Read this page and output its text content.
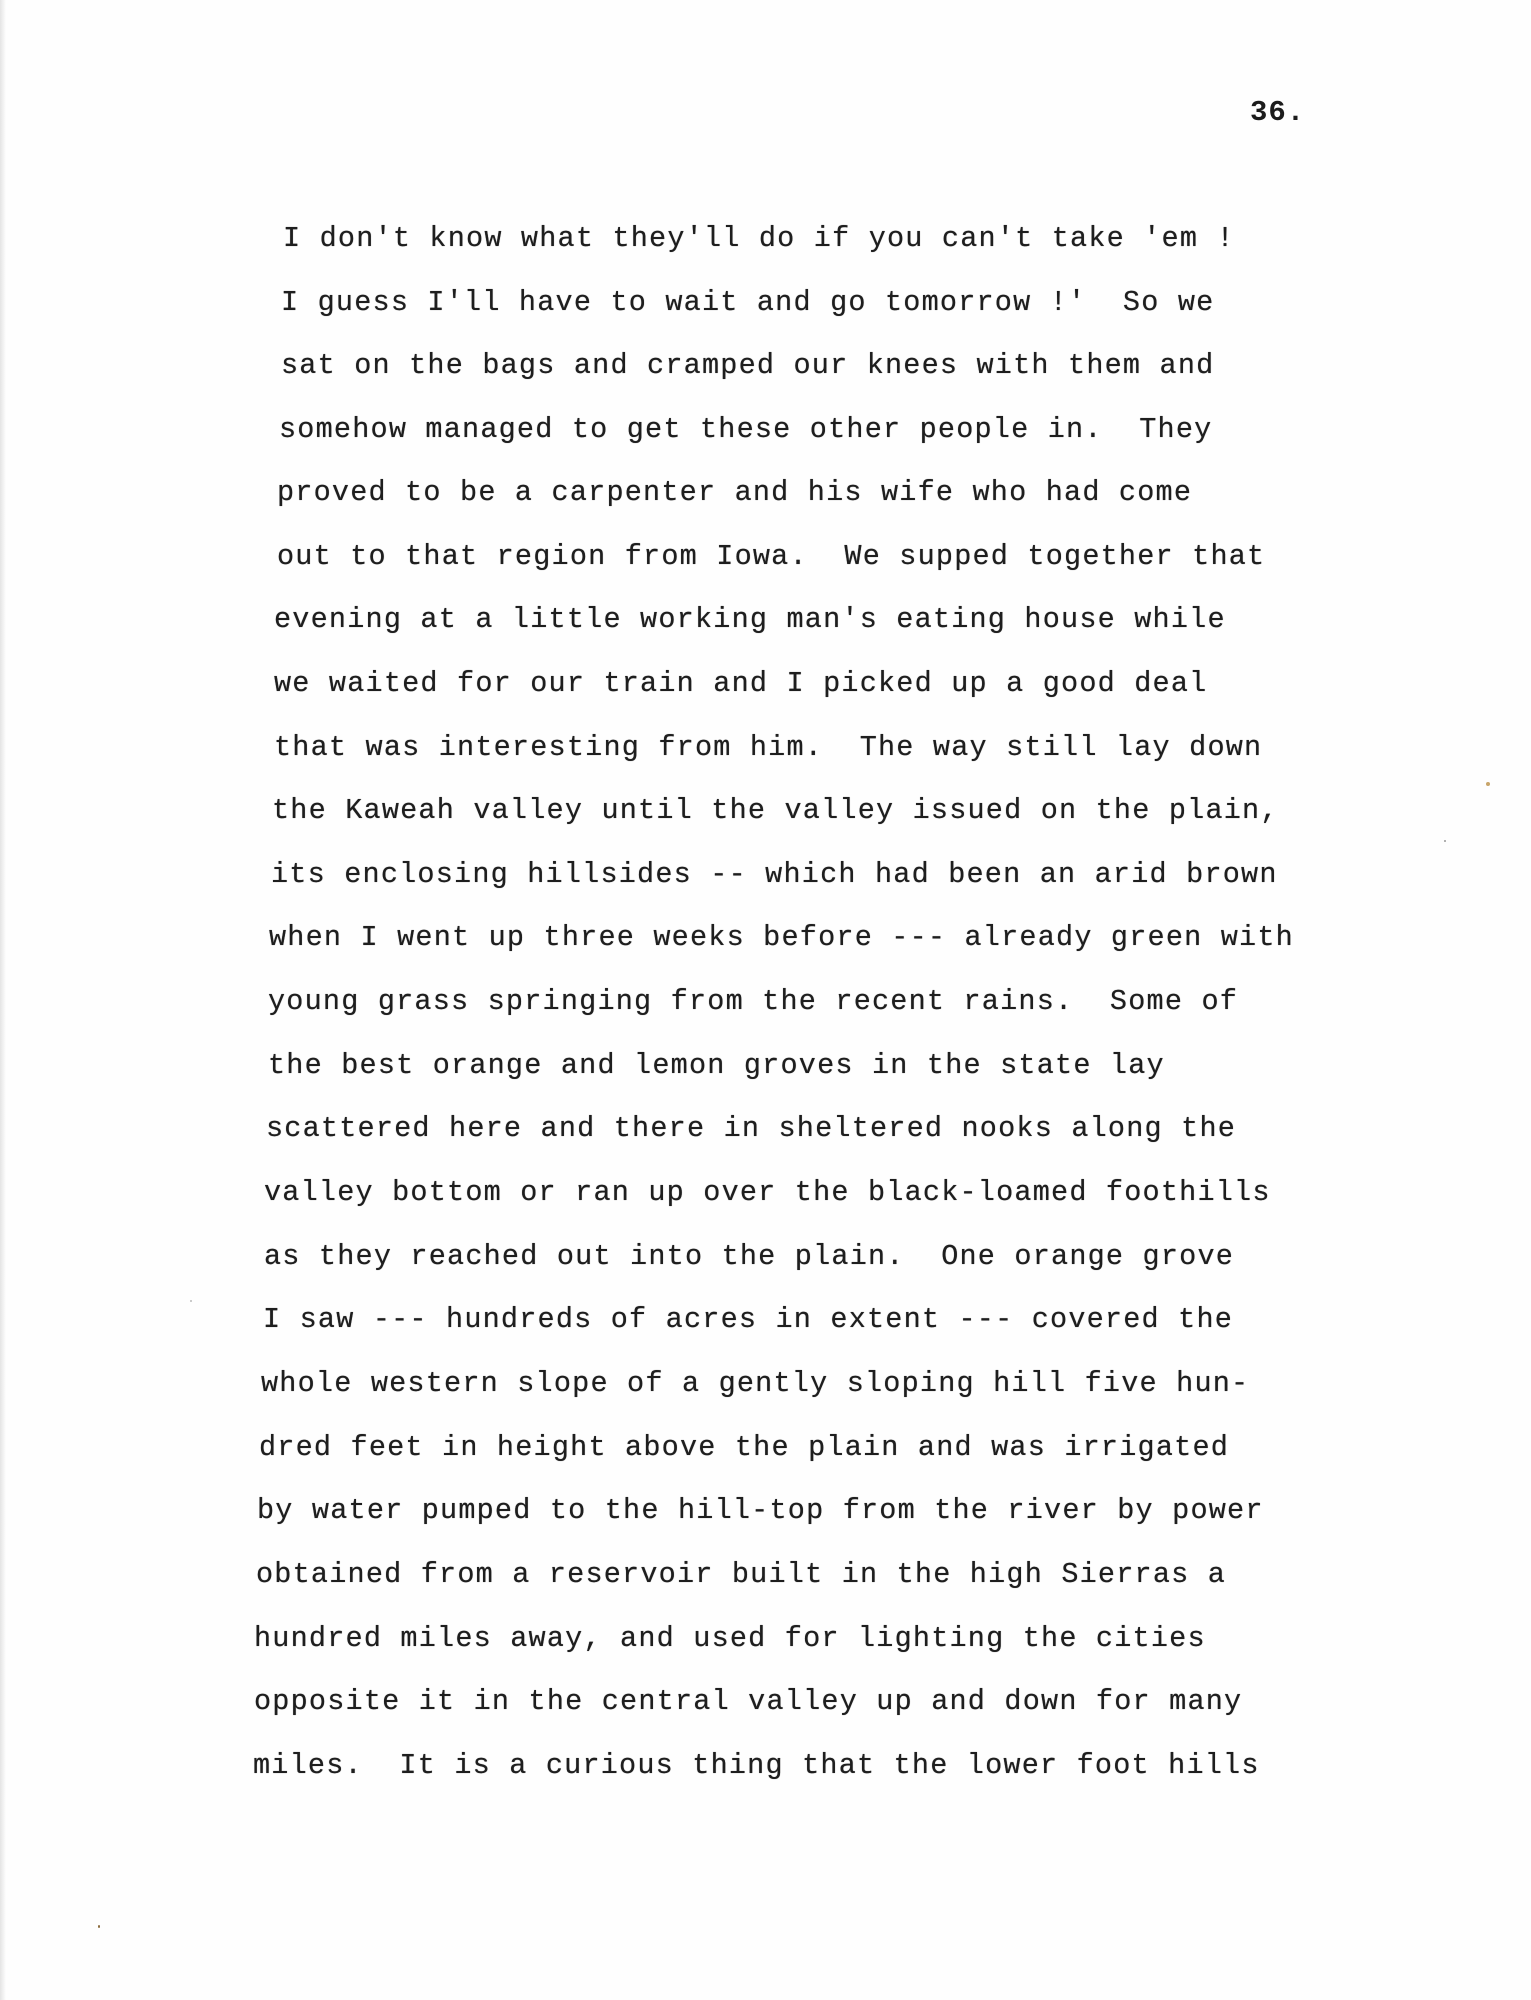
36.
I don't know what they'll do if you can't take 'em !
I guess I'll have to wait and go tomorrow !'  So we
sat on the bags and cramped our knees with them and
somehow managed to get these other people in.  They
proved to be a carpenter and his wife who had come
out to that region from Iowa.  We supped together that
evening at a little working man's eating house while
we waited for our train and I picked up a good deal
that was interesting from him.  The way still lay down
the Kaweah valley until the valley issued on the plain,
its enclosing hillsides -- which had been an arid brown
when I went up three weeks before --- already green with
young grass springing from the recent rains.  Some of
the best orange and lemon groves in the state lay
scattered here and there in sheltered nooks along the
valley bottom or ran up over the black-loamed foothills
as they reached out into the plain.  One orange grove
I saw --- hundreds of acres in extent --- covered the
whole western slope of a gently sloping hill five hun-
dred feet in height above the plain and was irrigated
by water pumped to the hill-top from the river by power
obtained from a reservoir built in the high Sierras a
hundred miles away, and used for lighting the cities
opposite it in the central valley up and down for many
miles.  It is a curious thing that the lower foot hills
